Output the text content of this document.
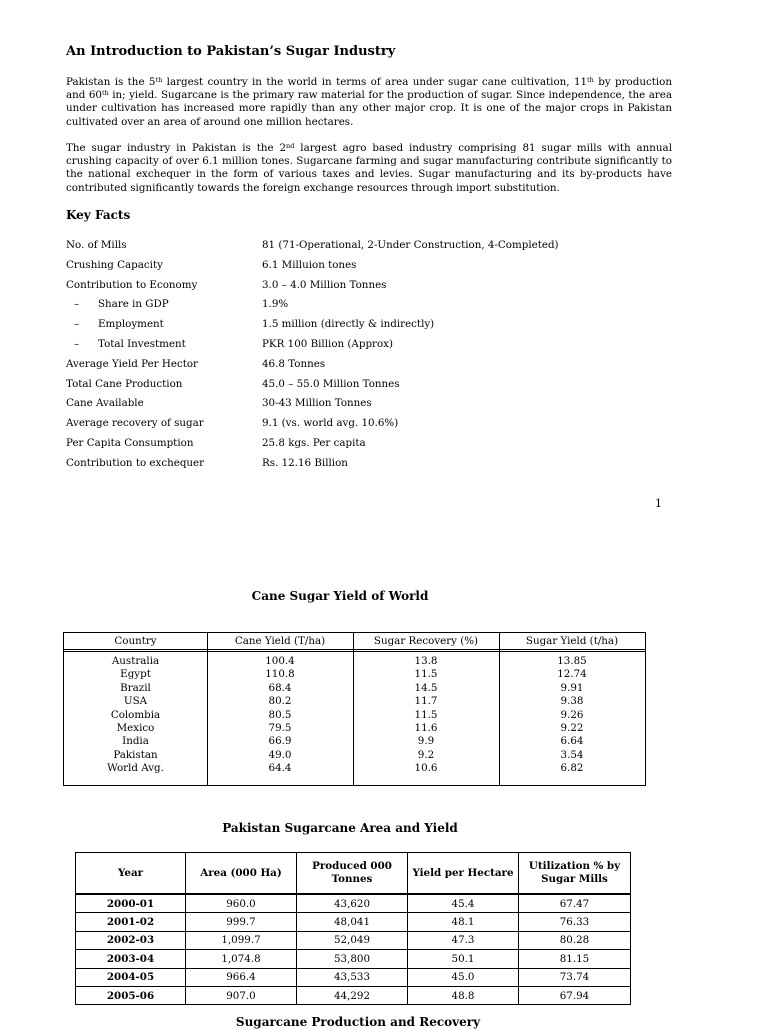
An Introduction to Pakistan’s Sugar Industry

Pakistan is the 5th largest country in the world in terms of area under sugar cane cultivation, 11th by production and 60th in; yield. Sugarcane is the primary raw material for the production of sugar. Since independence, the area under cultivation has increased more rapidly than any other major crop. It is one of the major crops in Pakistan cultivated over an area of around one million hectares.

The sugar industry in Pakistan is the 2nd largest agro based industry comprising 81 sugar mills with annual crushing capacity of over 6.1 million tones. Sugarcane farming and sugar manufacturing contribute significantly to the national exchequer in the form of various taxes and levies. Sugar manufacturing and its by-products have contributed significantly towards the foreign exchange resources through import substitution.

Key Facts
No. of Mills	81 (71-Operational, 2-Under Construction, 4-Completed)
Crushing Capacity	6.1 Milluion tones
Contribution to Economy	3.0 – 4.0 Million Tonnes
–	Share in GDP	1.9%
–	Employment	1.5 million (directly & indirectly)
–	Total Investment	PKR 100 Billion (Approx)
Average Yield Per Hector	46.8 Tonnes
Total Cane Production	45.0 – 55.0 Million Tonnes
Cane Available	30-43 Million Tonnes
Average recovery of sugar	9.1 (vs. world avg. 10.6%)
Per Capita Consumption	25.8 kgs. Per capita
Contribution to exchequer	Rs. 12.16 Billion
1
Cane Sugar Yield of World
Country	Cane Yield (T/ha)	Sugar Recovery (%)	Sugar Yield (t/ha)
Australia	100.4	13.8	13.85
Egypt	110.8	11.5	12.74
Brazil	68.4	14.5	9.91
USA	80.2	11.7	9.38
Colombia	80.5	11.5	9.26
Mexico	79.5	11.6	9.22
India	66.9	9.9	6.64
Pakistan	49.0	9.2	3.54
World Avg.	64.4	10.6	6.82
Pakistan Sugarcane Area and Yield
Year	Area (000 Ha)	Produced 000 Tonnes	Yield per Hectare	Utilization % by Sugar Mills
2000-01	960.0	43,620	45.4	67.47
2001-02	999.7	48,041	48.1	76.33
2002-03	1,099.7	52,049	47.3	80.28
2003-04	1,074.8	53,800	50.1	81.15
2004-05	966.4	43,533	45.0	73.74
2005-06	907.0	44,292	48.8	67.94
Sugarcane Production and Recovery
